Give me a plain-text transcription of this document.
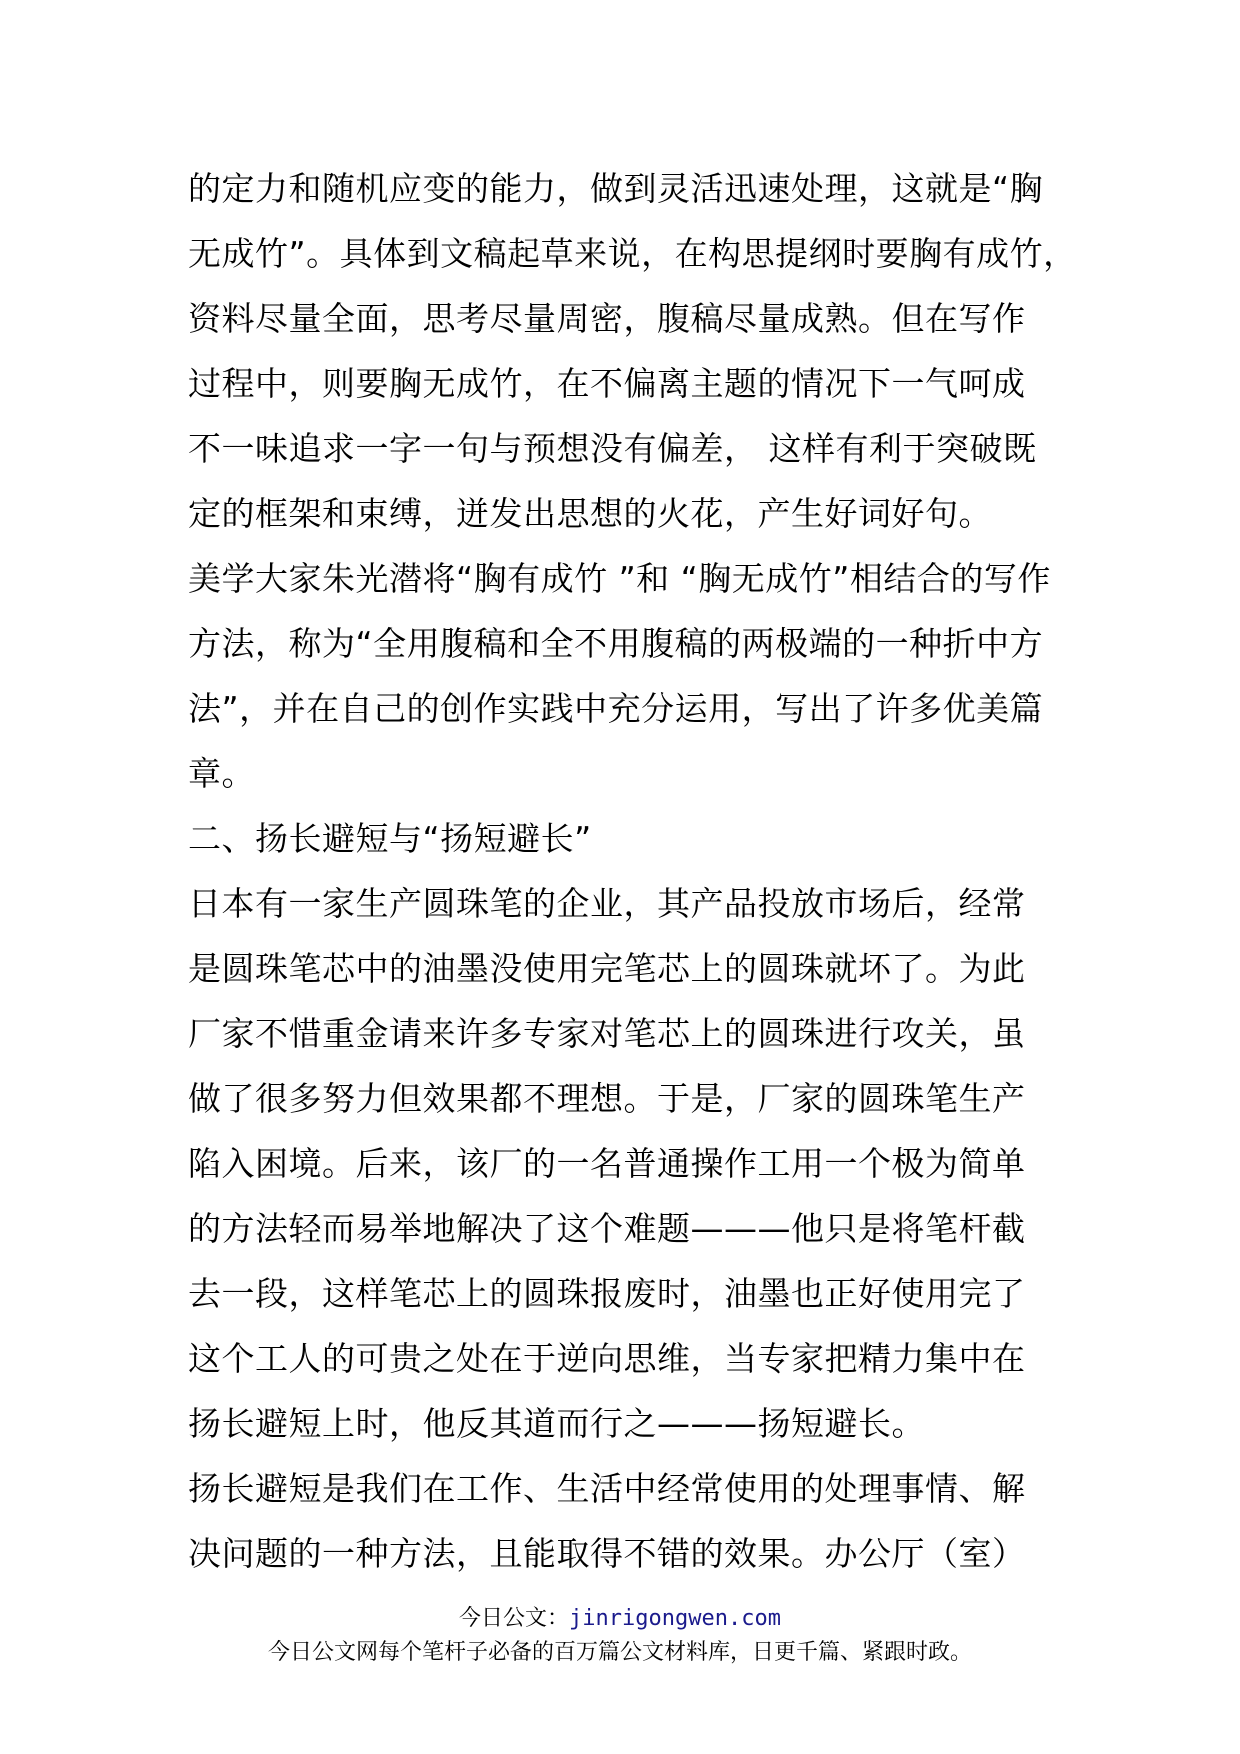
的定力和随机应变的能力，做到灵活迅速处理，这就是“胸
无成竹”。具体到文稿起草来说，在构思提纲时要胸有成竹，
资料尽量全面，思考尽量周密，腹稿尽量成熟。但在写作
过程中，则要胸无成竹，在不偏离主题的情况下一气呵成
不一味追求一字一句与预想没有偏差， 这样有利于突破既
定的框架和束缚，迸发出思想的火花，产生好词好句。
美学大家朱光潜将“胸有成竹 ”和 “胸无成竹”相结合的写作
方法，称为“全用腹稿和全不用腹稿的两极端的一种折中方
法”，并在自己的创作实践中充分运用，写出了许多优美篇
章。
二、扬长避短与“扬短避长”
日本有一家生产圆珠笔的企业，其产品投放市场后，经常
是圆珠笔芯中的油墨没使用完笔芯上的圆珠就坏了。为此
厂家不惜重金请来许多专家对笔芯上的圆珠进行攻关，虽
做了很多努力但效果都不理想。于是，厂家的圆珠笔生产
陷入困境。后来，该厂的一名普通操作工用一个极为简单
的方法轻而易举地解决了这个难题———他只是将笔杆截
去一段，这样笔芯上的圆珠报废时，油墨也正好使用完了
这个工人的可贵之处在于逆向思维，当专家把精力集中在
扬长避短上时，他反其道而行之———扬短避长。
扬长避短是我们在工作、生活中经常使用的处理事情、解
决问题的一种方法，且能取得不错的效果。办公厅（室）
今日公文：jinrigongwen.com
今日公文网每个笔杆子必备的百万篇公文材料库，日更千篇、紧跟时政。
